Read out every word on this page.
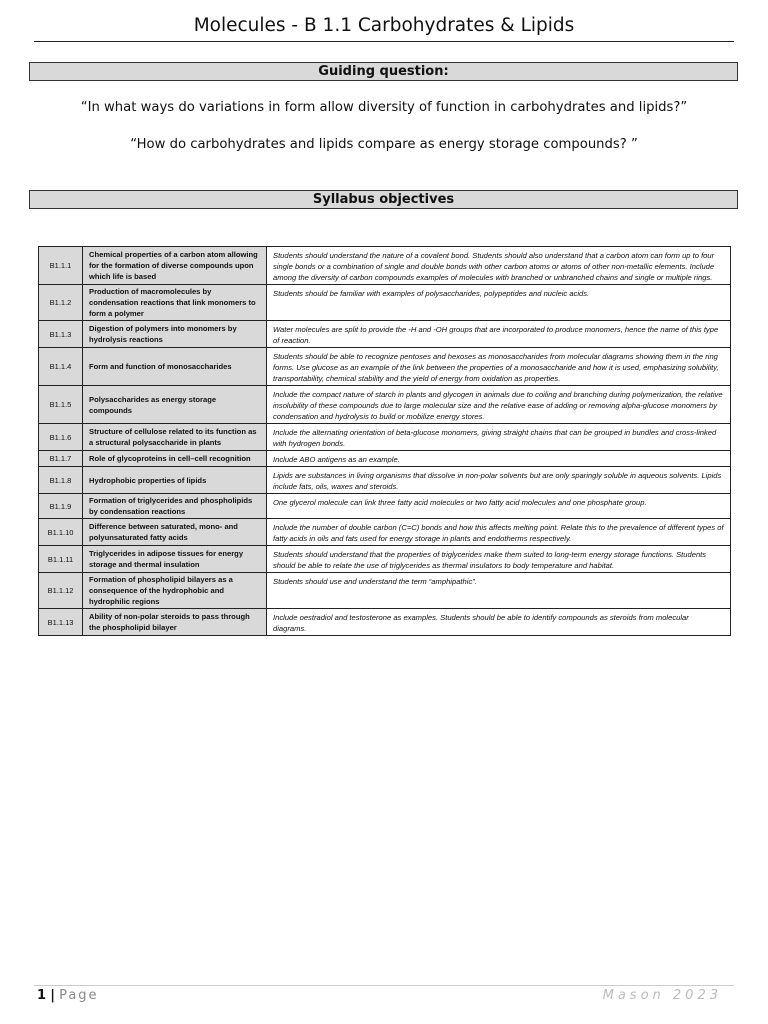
Molecules - B 1.1 Carbohydrates & Lipids
Guiding question:
“In what ways do variations in form allow diversity of function in carbohydrates and lipids?”
“How do carbohydrates and lipids compare as energy storage compounds? ”
Syllabus objectives
B1.1.1	Chemical properties of a carbon atom allowing for the formation of diverse compounds upon which life is based	Students should understand the nature of a covalent bond. Students should also understand that a carbon atom can form up to four single bonds or a combination of single and double bonds with other carbon atoms or atoms of other non-metallic elements. Include among the diversity of carbon compounds examples of molecules with branched or unbranched chains and single or multiple rings.
B1.1.2	Production of macromolecules by condensation reactions that link monomers to form a polymer	Students should be familiar with examples of polysaccharides, polypeptides and nucleic acids.
B1.1.3	Digestion of polymers into monomers by hydrolysis reactions	Water molecules are split to provide the -H and -OH groups that are incorporated to produce monomers, hence the name of this type of reaction.
B1.1.4	Form and function of monosaccharides	Students should be able to recognize pentoses and hexoses as monosaccharides from molecular diagrams showing them in the ring forms. Use glucose as an example of the link between the properties of a monosaccharide and how it is used, emphasizing solubility, transportability, chemical stability and the yield of energy from oxidation as properties.
B1.1.5	Polysaccharides as energy storage compounds	Include the compact nature of starch in plants and glycogen in animals due to coiling and branching during polymerization, the relative insolubility of these compounds due to large molecular size and the relative ease of adding or removing alpha-glucose monomers by condensation and hydrolysis to build or mobilize energy stores.
B1.1.6	Structure of cellulose related to its function as a structural polysaccharide in plants	Include the alternating orientation of beta-glucose monomers, giving straight chains that can be grouped in bundles and cross-linked with hydrogen bonds.
B1.1.7	Role of glycoproteins in cell–cell recognition	Include ABO antigens as an example.
B1.1.8	Hydrophobic properties of lipids	Lipids are substances in living organisms that dissolve in non-polar solvents but are only sparingly soluble in aqueous solvents. Lipids include fats, oils, waxes and steroids.
B1.1.9	Formation of triglycerides and phospholipids by condensation reactions	One glycerol molecule can link three fatty acid molecules or two fatty acid molecules and one phosphate group.
B1.1.10	Difference between saturated, mono- and polyunsaturated fatty acids	Include the number of double carbon (C=C) bonds and how this affects melting point. Relate this to the prevalence of different types of fatty acids in oils and fats used for energy storage in plants and endotherms respectively.
B1.1.11	Triglycerides in adipose tissues for energy storage and thermal insulation	Students should understand that the properties of triglycerides make them suited to long-term energy storage functions. Students should be able to relate the use of triglycerides as thermal insulators to body temperature and habitat.
B1.1.12	Formation of phospholipid bilayers as a consequence of the hydrophobic and hydrophilic regions	Students should use and understand the term “amphipathic”.
B1.1.13	Ability of non-polar steroids to pass through the phospholipid bilayer	Include oestradiol and testosterone as examples. Students should be able to identify compounds as steroids from molecular diagrams.
1 | Page	Mason 2023
